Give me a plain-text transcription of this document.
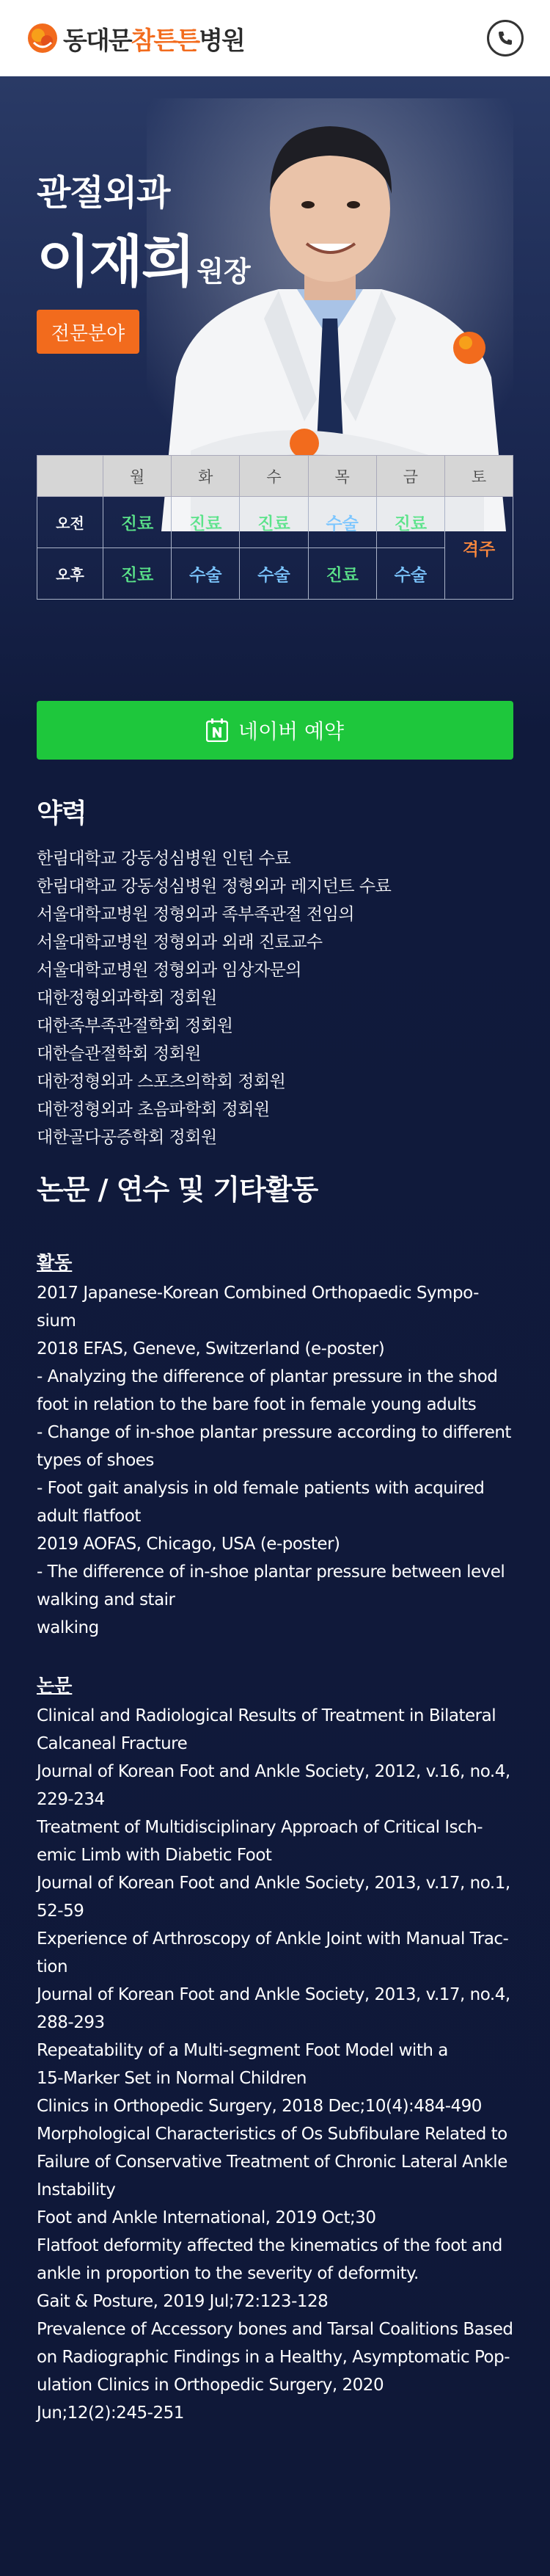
동대문참튼튼병원
관절외과
이재희 원장
전문분야
	월	화	수	목	금	토
오전	진료	진료	진료	수술	진료	격주
오후	진료	수술	수술	진료	수술	
네이버 예약
약력
한림대학교 강동성심병원 인턴 수료
한림대학교 강동성심병원 정형외과 레지던트 수료
서울대학교병원 정형외과 족부족관절 전임의
서울대학교병원 정형외과 외래 진료교수
서울대학교병원 정형외과 임상자문의
대한정형외과학회 정회원
대한족부족관절학회 정회원
대한슬관절학회 정회원
대한정형외과 스포츠의학회 정회원
대한정형외과 초음파학회 정회원
대한골다공증학회 정회원
논문 / 연수 및 기타활동
활동
2017 Japanese-Korean Combined Orthopaedic Sympo-
sium
2018 EFAS, Geneve, Switzerland (e-poster)
- Analyzing the difference of plantar pressure in the shod
foot in relation to the bare foot in female young adults
- Change of in-shoe plantar pressure according to different
types of shoes
- Foot gait analysis in old female patients with acquired
adult flatfoot
2019 AOFAS, Chicago, USA (e-poster)
- The difference of in-shoe plantar pressure between level
walking and stair
walking
논문
Clinical and Radiological Results of Treatment in Bilateral
Calcaneal Fracture
Journal of Korean Foot and Ankle Society, 2012, v.16, no.4,
229-234
Treatment of Multidisciplinary Approach of Critical Isch-
emic Limb with Diabetic Foot
Journal of Korean Foot and Ankle Society, 2013, v.17, no.1,
52-59
Experience of Arthroscopy of Ankle Joint with Manual Trac-
tion
Journal of Korean Foot and Ankle Society, 2013, v.17, no.4,
288-293
Repeatability of a Multi-segment Foot Model with a
15-Marker Set in Normal Children
Clinics in Orthopedic Surgery, 2018 Dec;10(4):484-490
Morphological Characteristics of Os Subfibulare Related to
Failure of Conservative Treatment of Chronic Lateral Ankle
Instability
Foot and Ankle International, 2019 Oct;30
Flatfoot deformity affected the kinematics of the foot and
ankle in proportion to the severity of deformity.
Gait & Posture, 2019 Jul;72:123-128
Prevalence of Accessory bones and Tarsal Coalitions Based
on Radiographic Findings in a Healthy, Asymptomatic Pop-
ulation Clinics in Orthopedic Surgery, 2020
Jun;12(2):245-251
